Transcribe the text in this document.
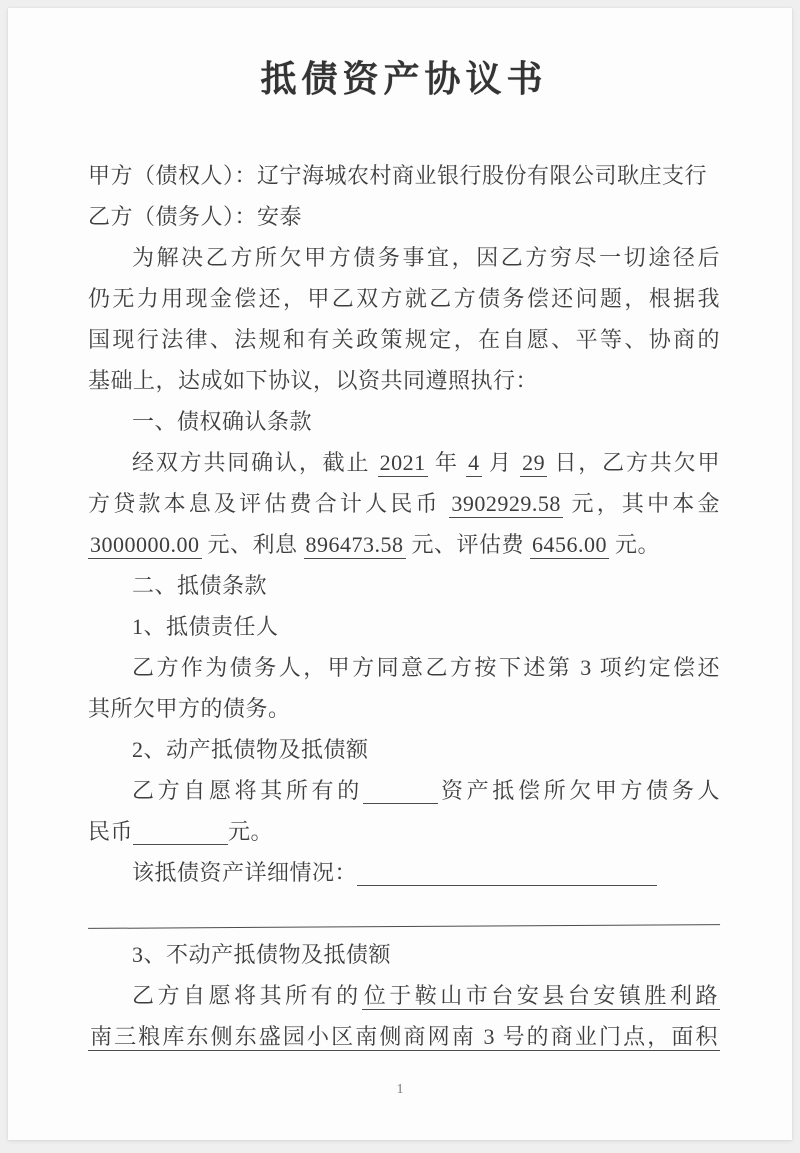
抵债资产协议书
甲方（债权人）：辽宁海城农村商业银行股份有限公司耿庄支行
乙方（债务人）：安泰
为解决乙方所欠甲方债务事宜，因乙方穷尽一切途径后
仍无力用现金偿还，甲乙双方就乙方债务偿还问题，根据我
国现行法律、法规和有关政策规定，在自愿、平等、协商的
基础上，达成如下协议，以资共同遵照执行：
一、债权确认条款
经双方共同确认，截止 2021 年 4 月 29 日，乙方共欠甲
方贷款本息及评估费合计人民币 3902929.58 元，其中本金
3000000.00 元、利息 896473.58 元、评估费 6456.00 元。
二、抵债条款
1、抵债责任人
乙方作为债务人，甲方同意乙方按下述第 3 项约定偿还
其所欠甲方的债务。
2、动产抵债物及抵债额
乙方自愿将其所有的	资产抵偿所欠甲方债务人
民币	元。
该抵债资产详细情况：

3、不动产抵债物及抵债额
乙方自愿将其所有的位于鞍山市台安县台安镇胜利路
南三粮库东侧东盛园小区南侧商网南 3 号的商业门点，面积
1
